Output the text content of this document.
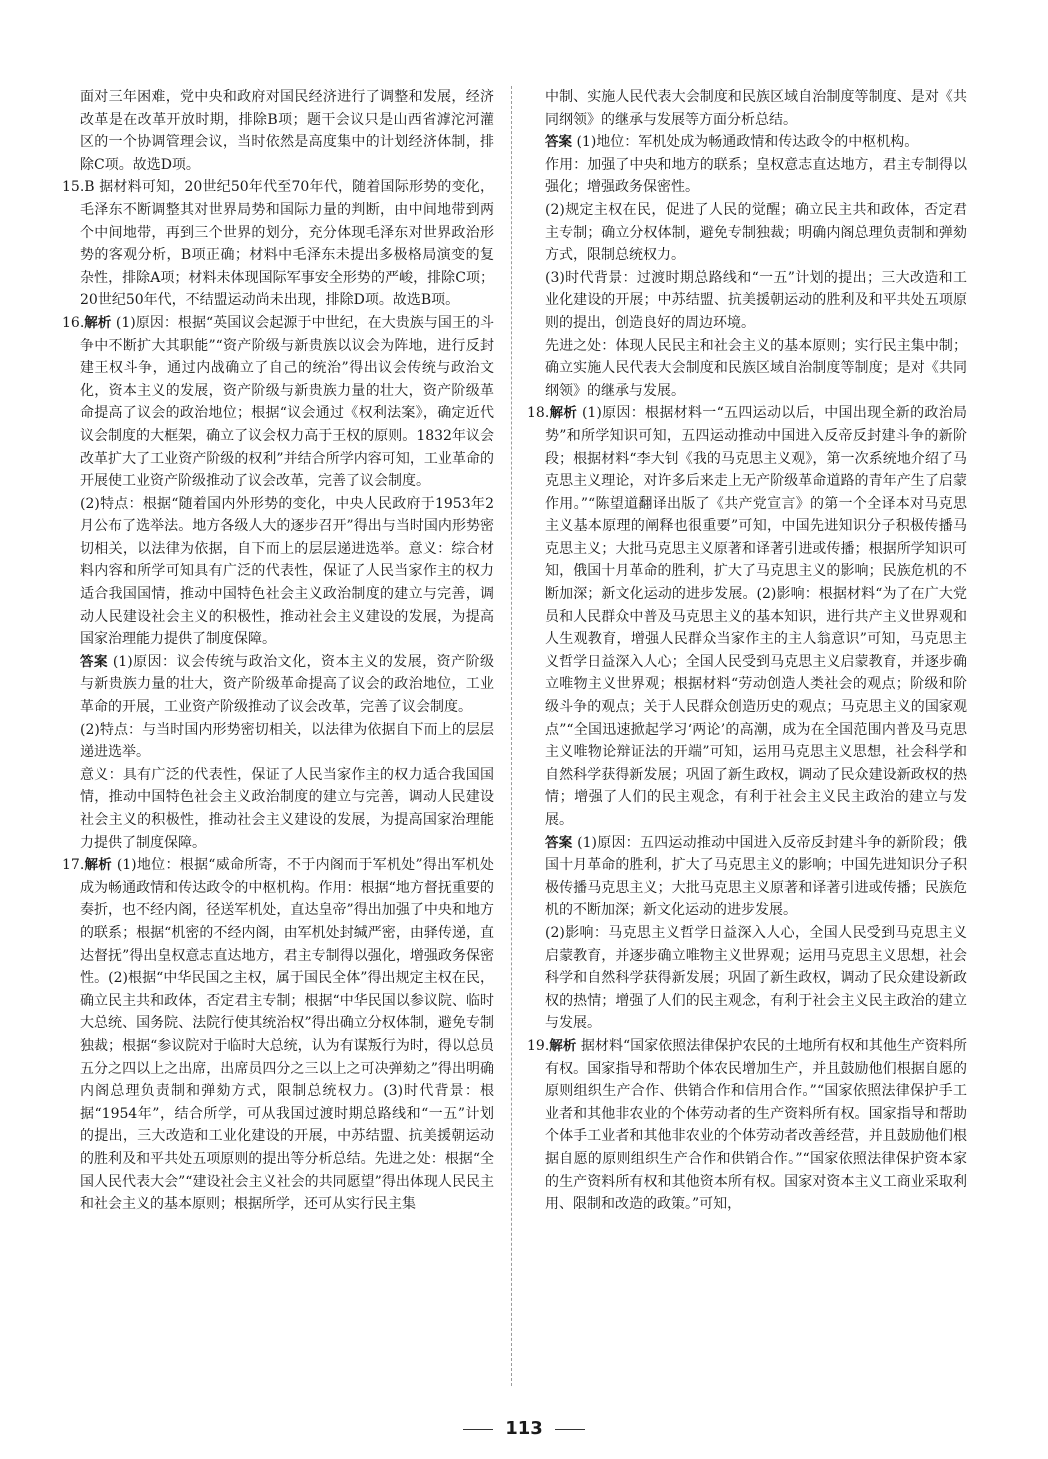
面对三年困难，党中央和政府对国民经济进行了调整和发展，经济改革是在改革开放时期，排除B项；题干会议只是山西省滹沱河灌区的一个协调管理会议，当时依然是高度集中的计划经济体制，排除C项。故选D项。

15.B 据材料可知，20世纪50年代至70年代，随着国际形势的变化，毛泽东不断调整其对世界局势和国际力量的判断，由中间地带到两个中间地带，再到三个世界的划分，充分体现毛泽东对世界政治形势的客观分析，B项正确；材料中毛泽东未提出多极格局演变的复杂性，排除A项；材料未体现国际军事安全形势的严峻，排除C项；20世纪50年代，不结盟运动尚未出现，排除D项。故选B项。

16.解析 (1)原因：根据“英国议会起源于中世纪，在大贵族与国王的斗争中不断扩大其职能”“资产阶级与新贵族以议会为阵地，进行反封建王权斗争，通过内战确立了自己的统治”得出议会传统与政治文化，资本主义的发展，资产阶级与新贵族力量的壮大，资产阶级革命提高了议会的政治地位；根据“议会通过《权利法案》，确定近代议会制度的大框架，确立了议会权力高于王权的原则。1832年议会改革扩大了工业资产阶级的权利”并结合所学内容可知，工业革命的开展使工业资产阶级推动了议会改革，完善了议会制度。

(2)特点：根据“随着国内外形势的变化，中央人民政府于1953年2月公布了选举法。地方各级人大的逐步召开”得出与当时国内形势密切相关，以法律为依据，自下而上的层层递进选举。意义：综合材料内容和所学可知具有广泛的代表性，保证了人民当家作主的权力适合我国国情，推动中国特色社会主义政治制度的建立与完善，调动人民建设社会主义的积极性，推动社会主义建设的发展，为提高国家治理能力提供了制度保障。

答案 (1)原因：议会传统与政治文化，资本主义的发展，资产阶级与新贵族力量的壮大，资产阶级革命提高了议会的政治地位，工业革命的开展，工业资产阶级推动了议会改革，完善了议会制度。

(2)特点：与当时国内形势密切相关，以法律为依据自下而上的层层递进选举。

意义：具有广泛的代表性，保证了人民当家作主的权力适合我国国情，推动中国特色社会主义政治制度的建立与完善，调动人民建设社会主义的积极性，推动社会主义建设的发展，为提高国家治理能力提供了制度保障。

17.解析 (1)地位：根据“威命所寄，不于内阁而于军机处”得出军机处成为畅通政情和传达政令的中枢机构。作用：根据“地方督抚重要的奏折，也不经内阁，径送军机处，直达皇帝”得出加强了中央和地方的联系；根据“机密的不经内阁，由军机处封缄严密，由驿传递，直达督抚”得出皇权意志直达地方，君主专制得以强化，增强政务保密性。(2)根据“中华民国之主权，属于国民全体”得出规定主权在民，确立民主共和政体，否定君主专制；根据“中华民国以参议院、临时大总统、国务院、法院行使其统治权”得出确立分权体制，避免专制独裁；根据“参议院对于临时大总统，认为有谋叛行为时，得以总员五分之四以上之出席，出席员四分之三以上之可决弹劾之”得出明确内阁总理负责制和弹劾方式，限制总统权力。(3)时代背景：根据“1954年”，结合所学，可从我国过渡时期总路线和“一五”计划的提出，三大改造和工业化建设的开展，中苏结盟、抗美援朝运动的胜利及和平共处五项原则的提出等分析总结。先进之处：根据“全国人民代表大会”“建设社会主义社会的共同愿望”得出体现人民民主和社会主义的基本原则；根据所学，还可从实行民主集

中制、实施人民代表大会制度和民族区域自治制度等制度、是对《共同纲领》的继承与发展等方面分析总结。

答案 (1)地位：军机处成为畅通政情和传达政令的中枢机构。

作用：加强了中央和地方的联系；皇权意志直达地方，君主专制得以强化；增强政务保密性。

(2)规定主权在民，促进了人民的觉醒；确立民主共和政体，否定君主专制；确立分权体制，避免专制独裁；明确内阁总理负责制和弹劾方式，限制总统权力。

(3)时代背景：过渡时期总路线和“一五”计划的提出；三大改造和工业化建设的开展；中苏结盟、抗美援朝运动的胜利及和平共处五项原则的提出，创造良好的周边环境。

先进之处：体现人民民主和社会主义的基本原则；实行民主集中制；确立实施人民代表大会制度和民族区域自治制度等制度；是对《共同纲领》的继承与发展。

18.解析 (1)原因：根据材料一“五四运动以后，中国出现全新的政治局势”和所学知识可知，五四运动推动中国进入反帝反封建斗争的新阶段；根据材料“李大钊《我的马克思主义观》，第一次系统地介绍了马克思主义理论，对许多后来走上无产阶级革命道路的青年产生了启蒙作用。”“陈望道翻译出版了《共产党宣言》的第一个全译本对马克思主义基本原理的阐释也很重要”可知，中国先进知识分子积极传播马克思主义；大批马克思主义原著和译著引进或传播；根据所学知识可知，俄国十月革命的胜利，扩大了马克思主义的影响；民族危机的不断加深；新文化运动的进步发展。(2)影响：根据材料“为了在广大党员和人民群众中普及马克思主义的基本知识，进行共产主义世界观和人生观教育，增强人民群众当家作主的主人翁意识”可知，马克思主义哲学日益深入人心；全国人民受到马克思主义启蒙教育，并逐步确立唯物主义世界观；根据材料“劳动创造人类社会的观点；阶级和阶级斗争的观点；关于人民群众创造历史的观点；马克思主义的国家观点”“全国迅速掀起学习‘两论’的高潮，成为在全国范围内普及马克思主义唯物论辩证法的开端”可知，运用马克思主义思想，社会科学和自然科学获得新发展；巩固了新生政权，调动了民众建设新政权的热情；增强了人们的民主观念，有利于社会主义民主政治的建立与发展。

答案 (1)原因：五四运动推动中国进入反帝反封建斗争的新阶段；俄国十月革命的胜利，扩大了马克思主义的影响；中国先进知识分子积极传播马克思主义；大批马克思主义原著和译著引进或传播；民族危机的不断加深；新文化运动的进步发展。

(2)影响：马克思主义哲学日益深入人心，全国人民受到马克思主义启蒙教育，并逐步确立唯物主义世界观；运用马克思主义思想，社会科学和自然科学获得新发展；巩固了新生政权，调动了民众建设新政权的热情；增强了人们的民主观念，有利于社会主义民主政治的建立与发展。

19.解析 据材料“国家依照法律保护农民的土地所有权和其他生产资料所有权。国家指导和帮助个体农民增加生产，并且鼓励他们根据自愿的原则组织生产合作、供销合作和信用合作。”“国家依照法律保护手工业者和其他非农业的个体劳动者的生产资料所有权。国家指导和帮助个体手工业者和其他非农业的个体劳动者改善经营，并且鼓励他们根据自愿的原则组织生产合作和供销合作。”“国家依照法律保护资本家的生产资料所有权和其他资本所有权。国家对资本主义工商业采取利用、限制和改造的政策。”可知，

113
